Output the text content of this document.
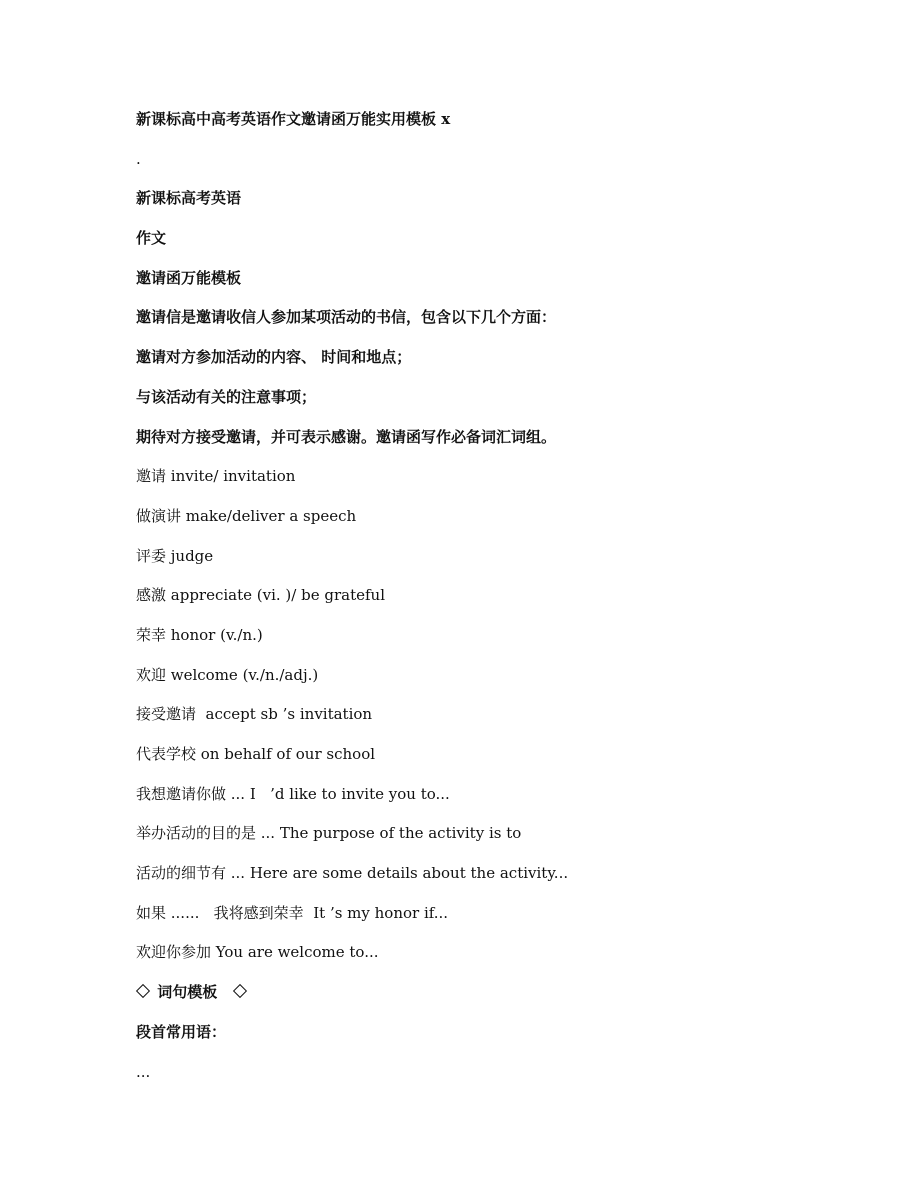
新课标高中高考英语作文邀请函万能实用模板 x
.
新课标高考英语
作文
邀请函万能模板
邀请信是邀请收信人参加某项活动的书信，包含以下几个方面：
邀请对方参加活动的内容、 时间和地点；
与该活动有关的注意事项；
期待对方接受邀请，并可表示感谢。邀请函写作必备词汇词组。
邀请 invite/ invitation
做演讲 make/deliver a speech
评委 judge
感激 appreciate (vi. )/ be grateful
荣幸 honor (v./n.)
欢迎 welcome (v./n./adj.)
接受邀请  accept sb ’s invitation
代表学校 on behalf of our school
我想邀请你做 ... I   ’d like to invite you to...
举办活动的目的是 ... The purpose of the activity is to
活动的细节有 ... Here are some details about the activity...
如果 ......   我将感到荣幸  It ’s my honor if...
欢迎你参加 You are welcome to...
词句模板
段首常用语：
...
